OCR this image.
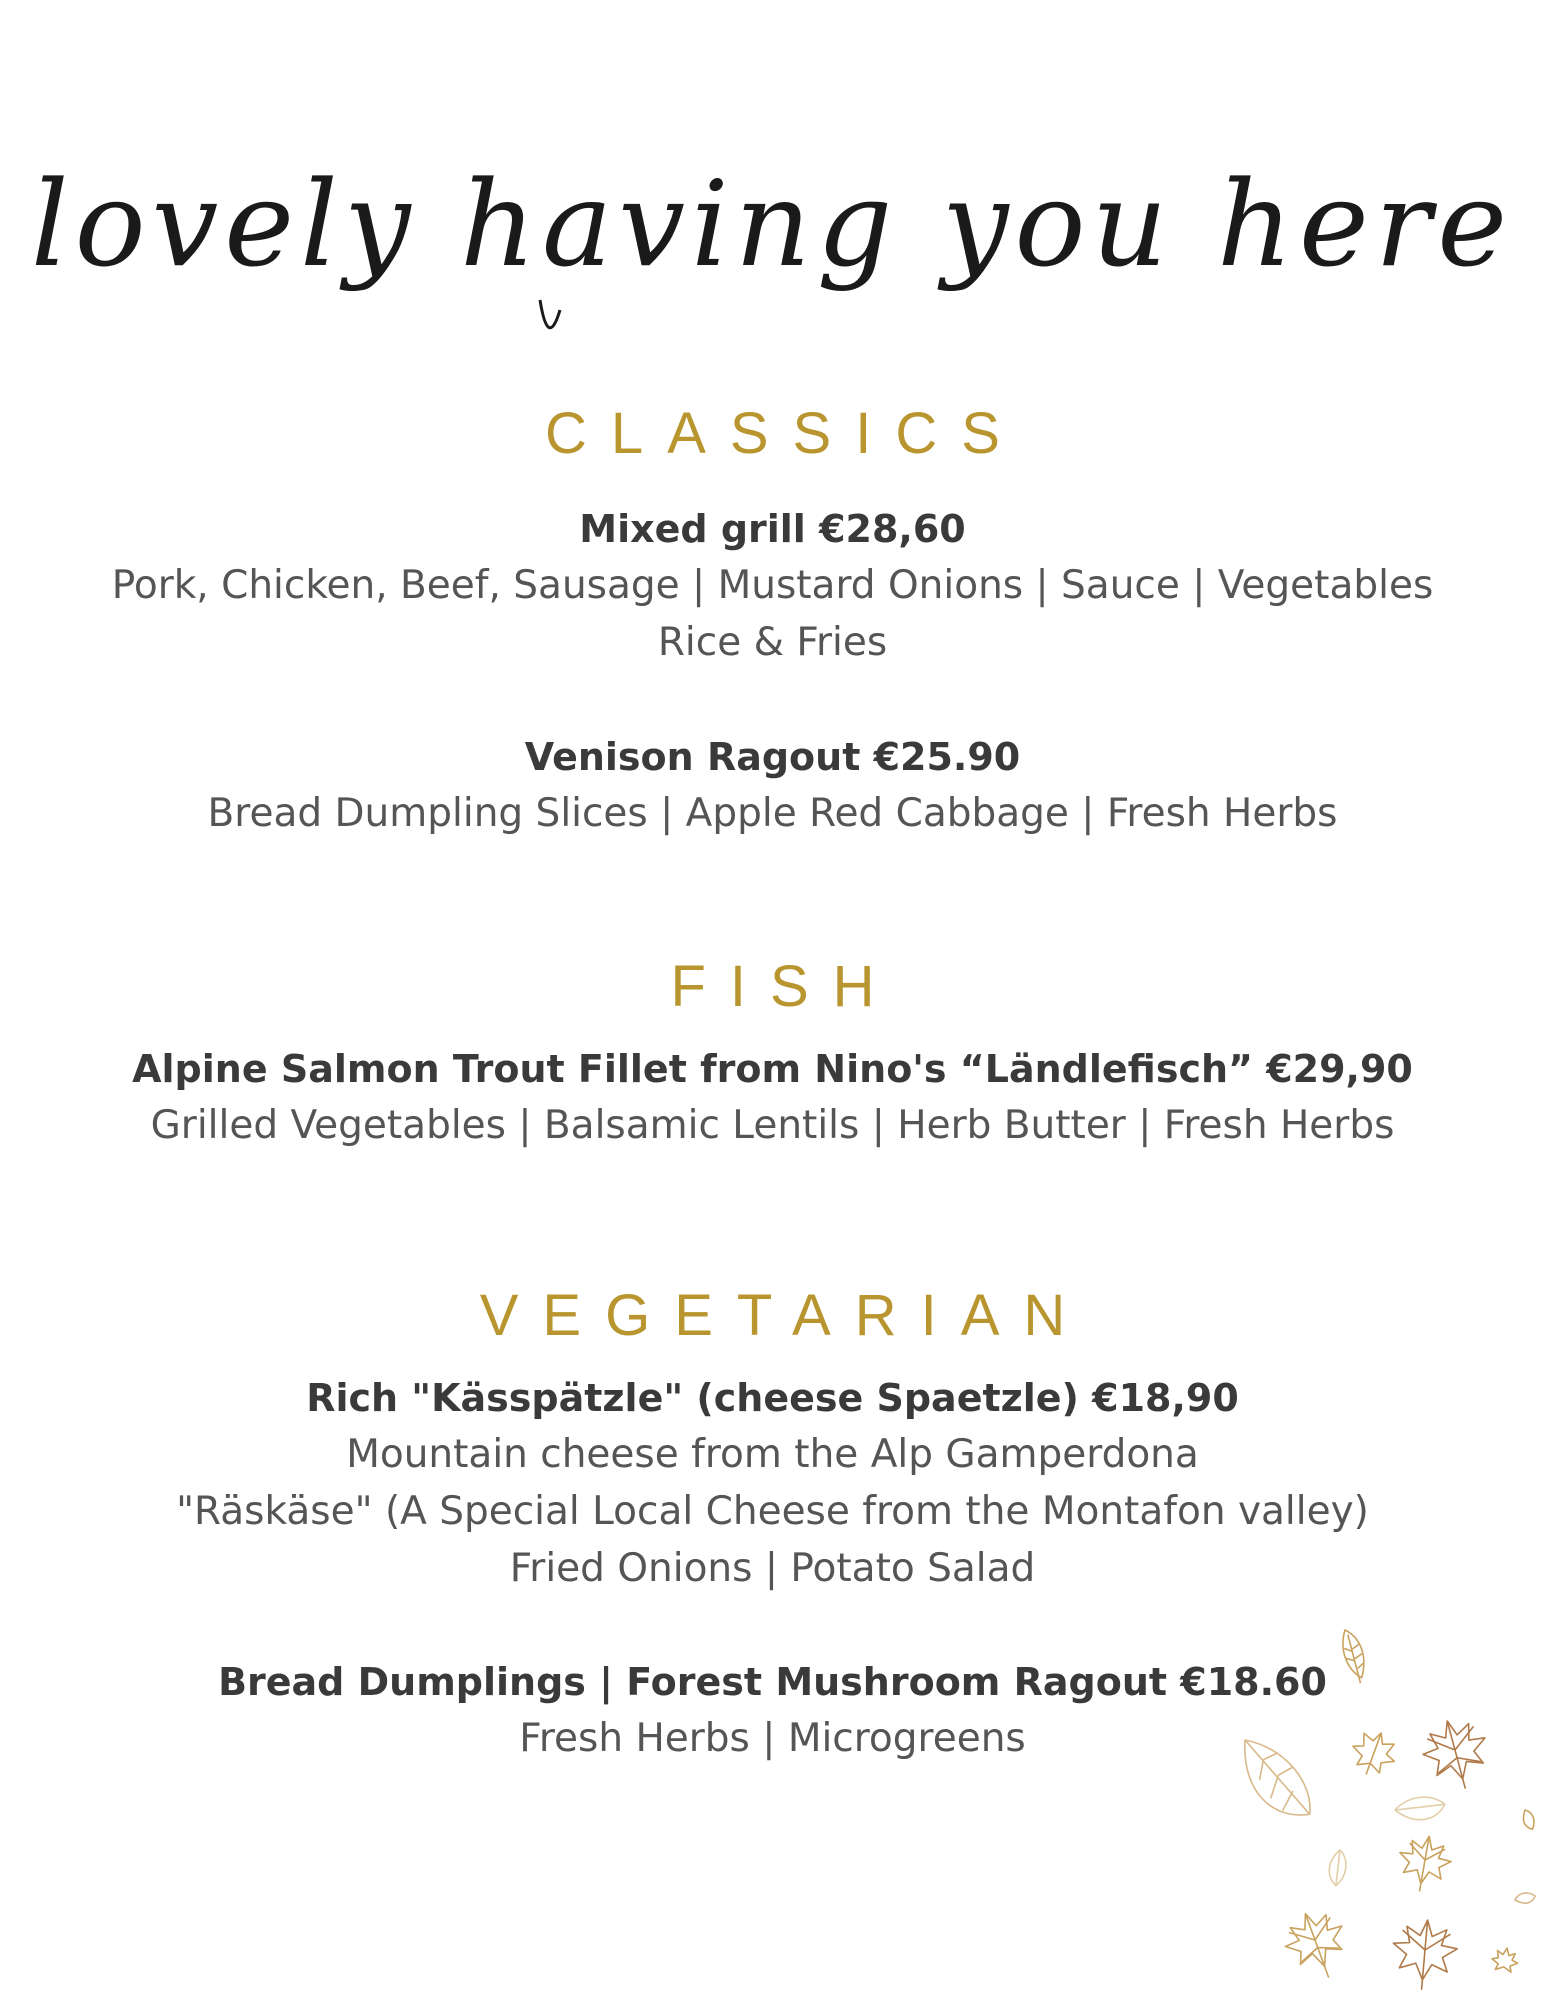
lovely having you here
CLASSICS
Mixed grill €28,60
Pork, Chicken, Beef, Sausage | Mustard Onions | Sauce | Vegetables
Rice & Fries
Venison Ragout €25.90
Bread Dumpling Slices | Apple Red Cabbage | Fresh Herbs
FISH
Alpine Salmon Trout Fillet from Nino's “Ländlefisch” €29,90
Grilled Vegetables | Balsamic Lentils | Herb Butter | Fresh Herbs
VEGETARIAN
Rich "Kässpätzle" (cheese Spaetzle) €18,90
Mountain cheese from the Alp Gamperdona
"Räskäse" (A Special Local Cheese from the Montafon valley)
Fried Onions | Potato Salad
Bread Dumplings | Forest Mushroom Ragout €18.60
Fresh Herbs | Microgreens
